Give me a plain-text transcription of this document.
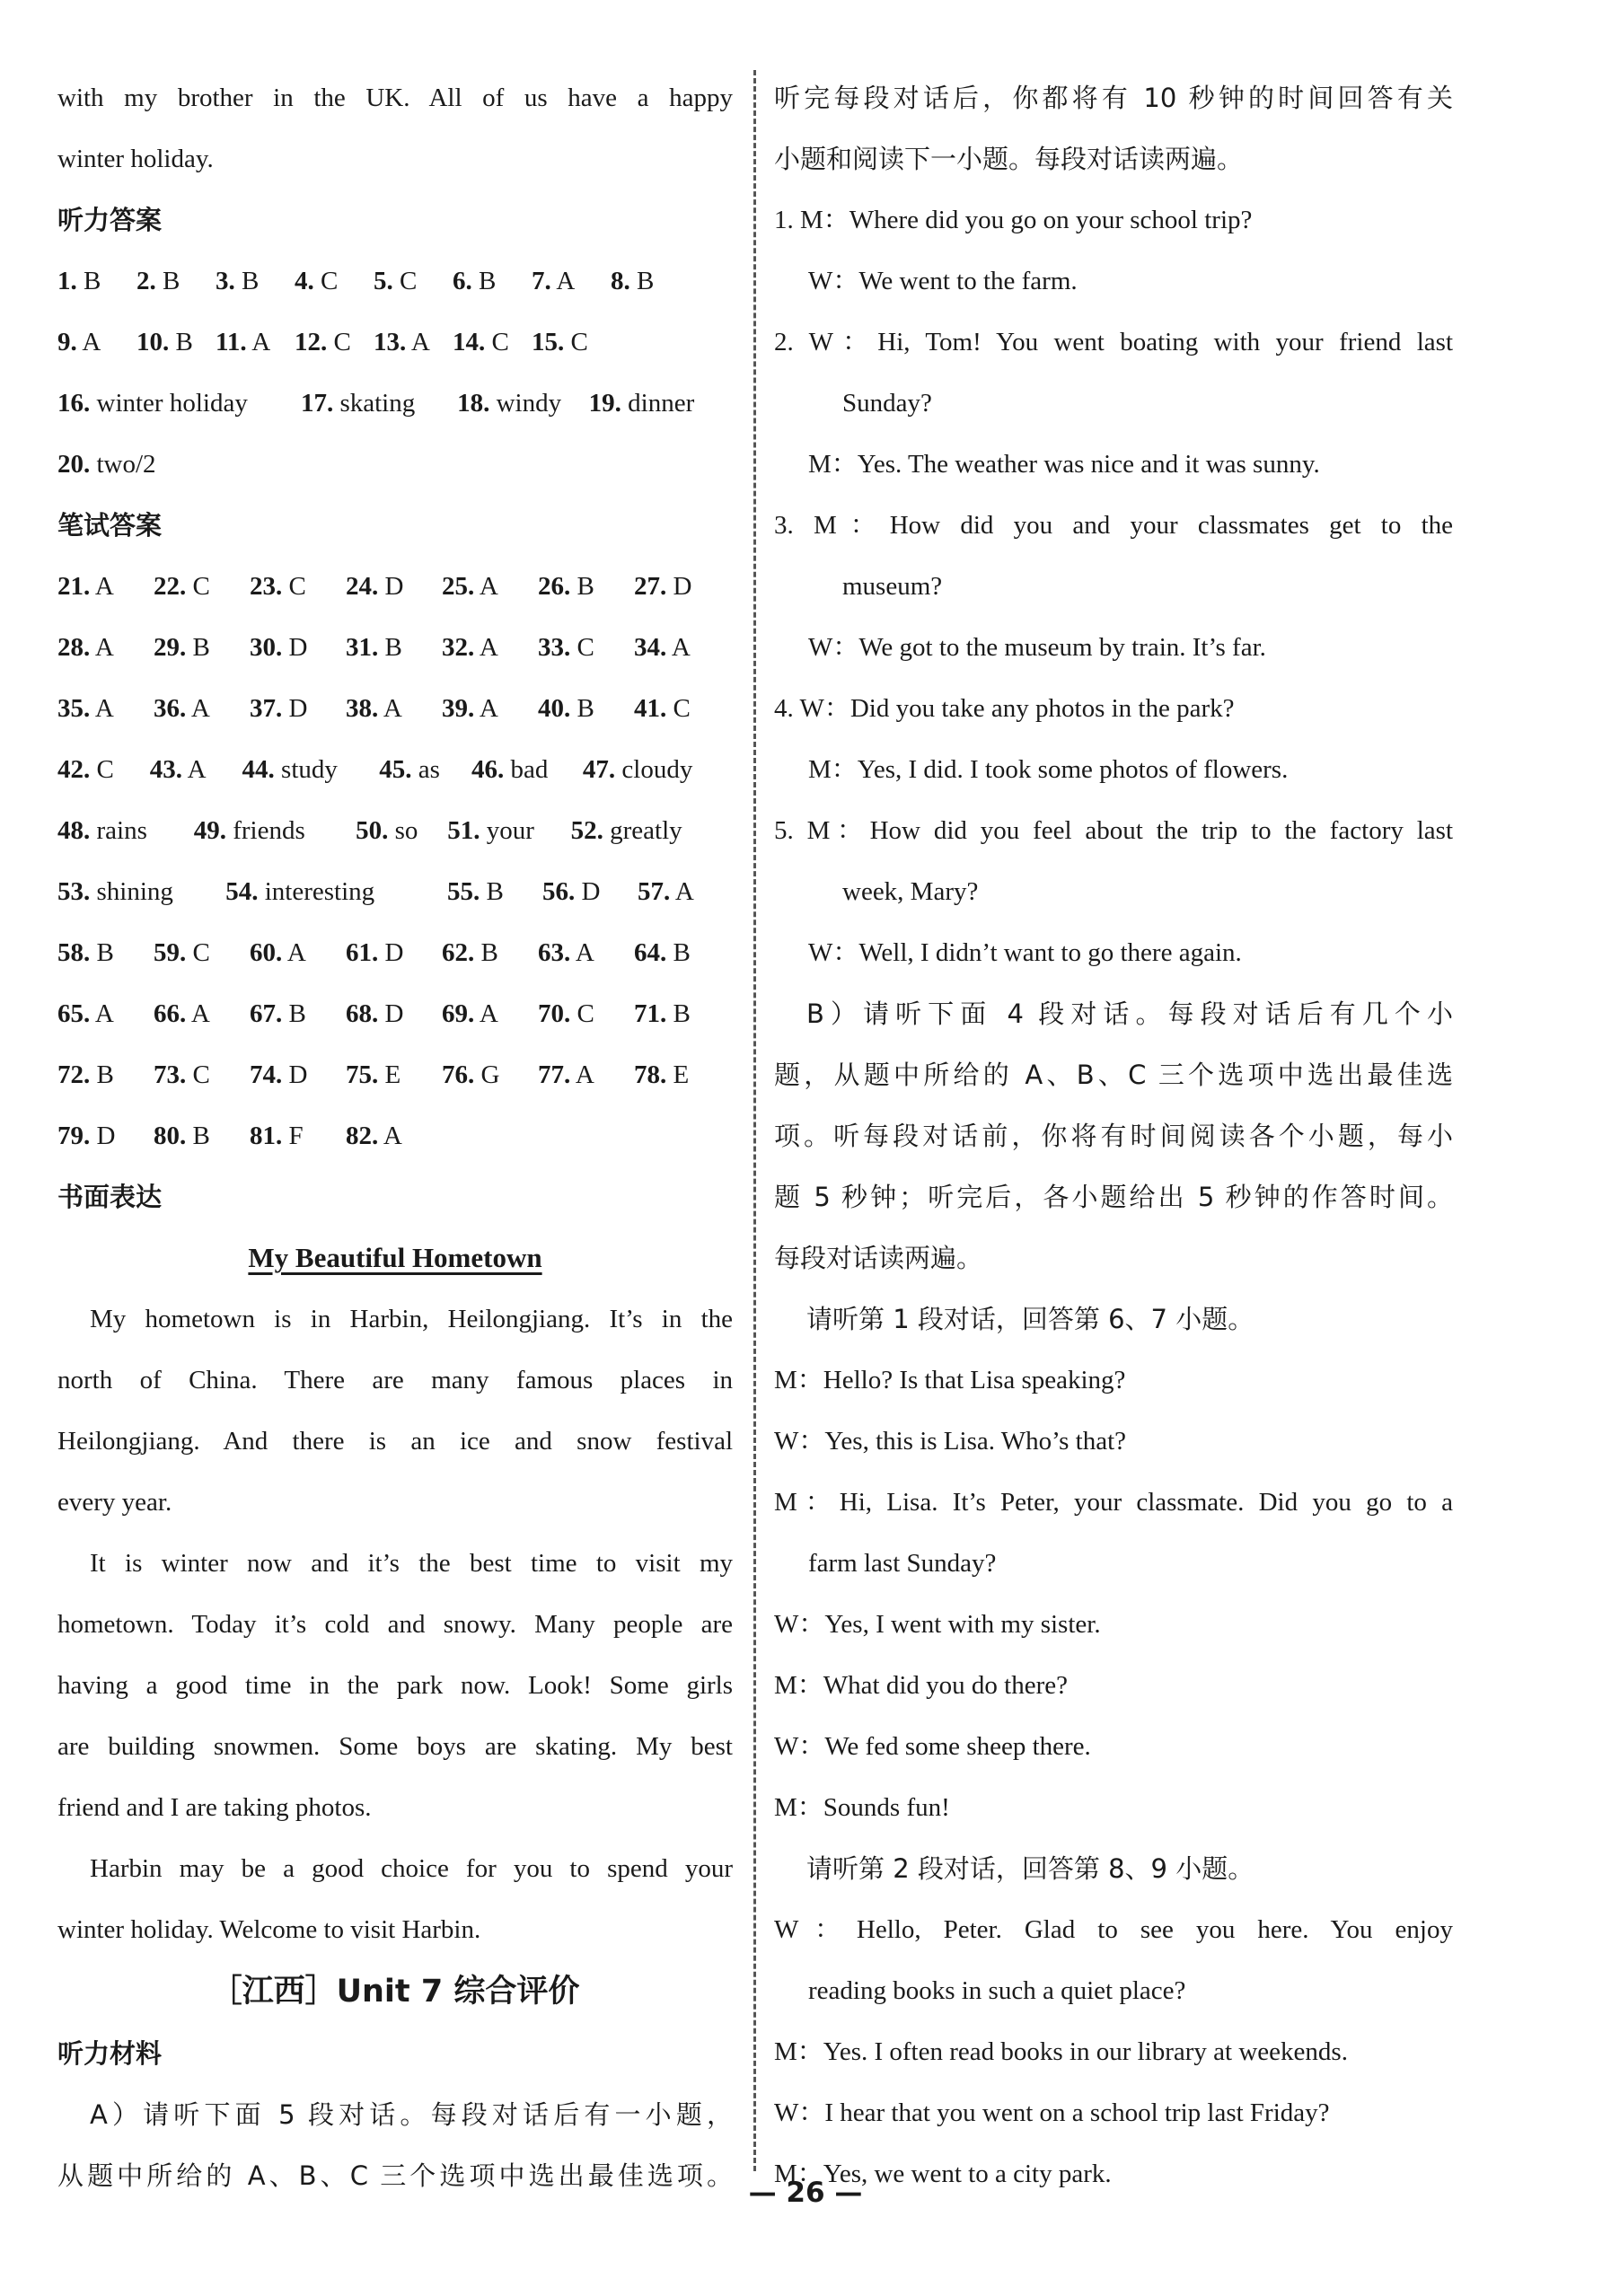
with my brother in the UK. All of us have a happy
winter holiday.
听力答案
1. B	2. B	3. B	4. C	5. C	6. B	7. A	8. B
9. A	10. B 11. A 12. C 13. A 14. C 15. C
16. winter holiday	17. skating	18. windy	19. dinner
20. two/2
笔试答案
21. A	22. C	23. C	24. D	25. A	26. B	27. D
28. A	29. B	30. D	31. B	32. A	33. C	34. A
35. A	36. A	37. D	38. A	39. A	40. B	41. C
42. C	43. A	44. study	45. as	46. bad	47. cloudy
48. rains	49. friends	50. so	51. your	52. greatly
53. shining	54. interesting	55. B	56. D	57. A
58. B	59. C	60. A	61. D	62. B	63. A	64. B
65. A	66. A	67. B	68. D	69. A	70. C	71. B
72. B	73. C	74. D	75. E	76. G	77. A	78. E
79. D	80. B	81. F	82. A
书面表达
My Beautiful Hometown
My hometown is in Harbin, Heilongjiang. It’s in the
north of China. There are many famous places in
Heilongjiang. And there is an ice and snow festival
every year.
It is winter now and it’s the best time to visit my
hometown. Today it’s cold and snowy. Many people are
having a good time in the park now. Look! Some girls
are building snowmen. Some boys are skating. My best
friend and I are taking photos.
Harbin may be a good choice for you to spend your
winter holiday. Welcome to visit Harbin.
［江西］Unit 7 综合评价
听力材料
A）请听下面 5 段对话。每段对话后有一小题，
从题中所给的 A、B、C 三个选项中选出最佳选项。
听完每段对话后，你都将有 10 秒钟的时间回答有关
小题和阅读下一小题。每段对话读两遍。
1. M：Where did you go on your school trip?
W：We went to the farm.
2. W：Hi, Tom! You went boating with your friend last
Sunday?
M：Yes. The weather was nice and it was sunny.
3. M：How did you and your classmates get to the
museum?
W：We got to the museum by train. It’s far.
4. W：Did you take any photos in the park?
M：Yes, I did. I took some photos of flowers.
5. M：How did you feel about the trip to the factory last
week, Mary?
W：Well, I didn’t want to go there again.
B）请听下面 4 段对话。每段对话后有几个小
题，从题中所给的 A、B、C 三个选项中选出最佳选
项。听每段对话前，你将有时间阅读各个小题，每小
题 5 秒钟；听完后，各小题给出 5 秒钟的作答时间。
每段对话读两遍。
请听第 1 段对话，回答第 6、7 小题。
M：Hello? Is that Lisa speaking?
W：Yes, this is Lisa. Who’s that?
M：Hi, Lisa. It’s Peter, your classmate. Did you go to a
farm last Sunday?
W：Yes, I went with my sister.
M：What did you do there?
W：We fed some sheep there.
M：Sounds fun!
请听第 2 段对话，回答第 8、9 小题。
W：Hello, Peter. Glad to see you here. You enjoy
reading books in such a quiet place?
M：Yes. I often read books in our library at weekends.
W：I hear that you went on a school trip last Friday?
M：Yes, we went to a city park.
— 26 —
